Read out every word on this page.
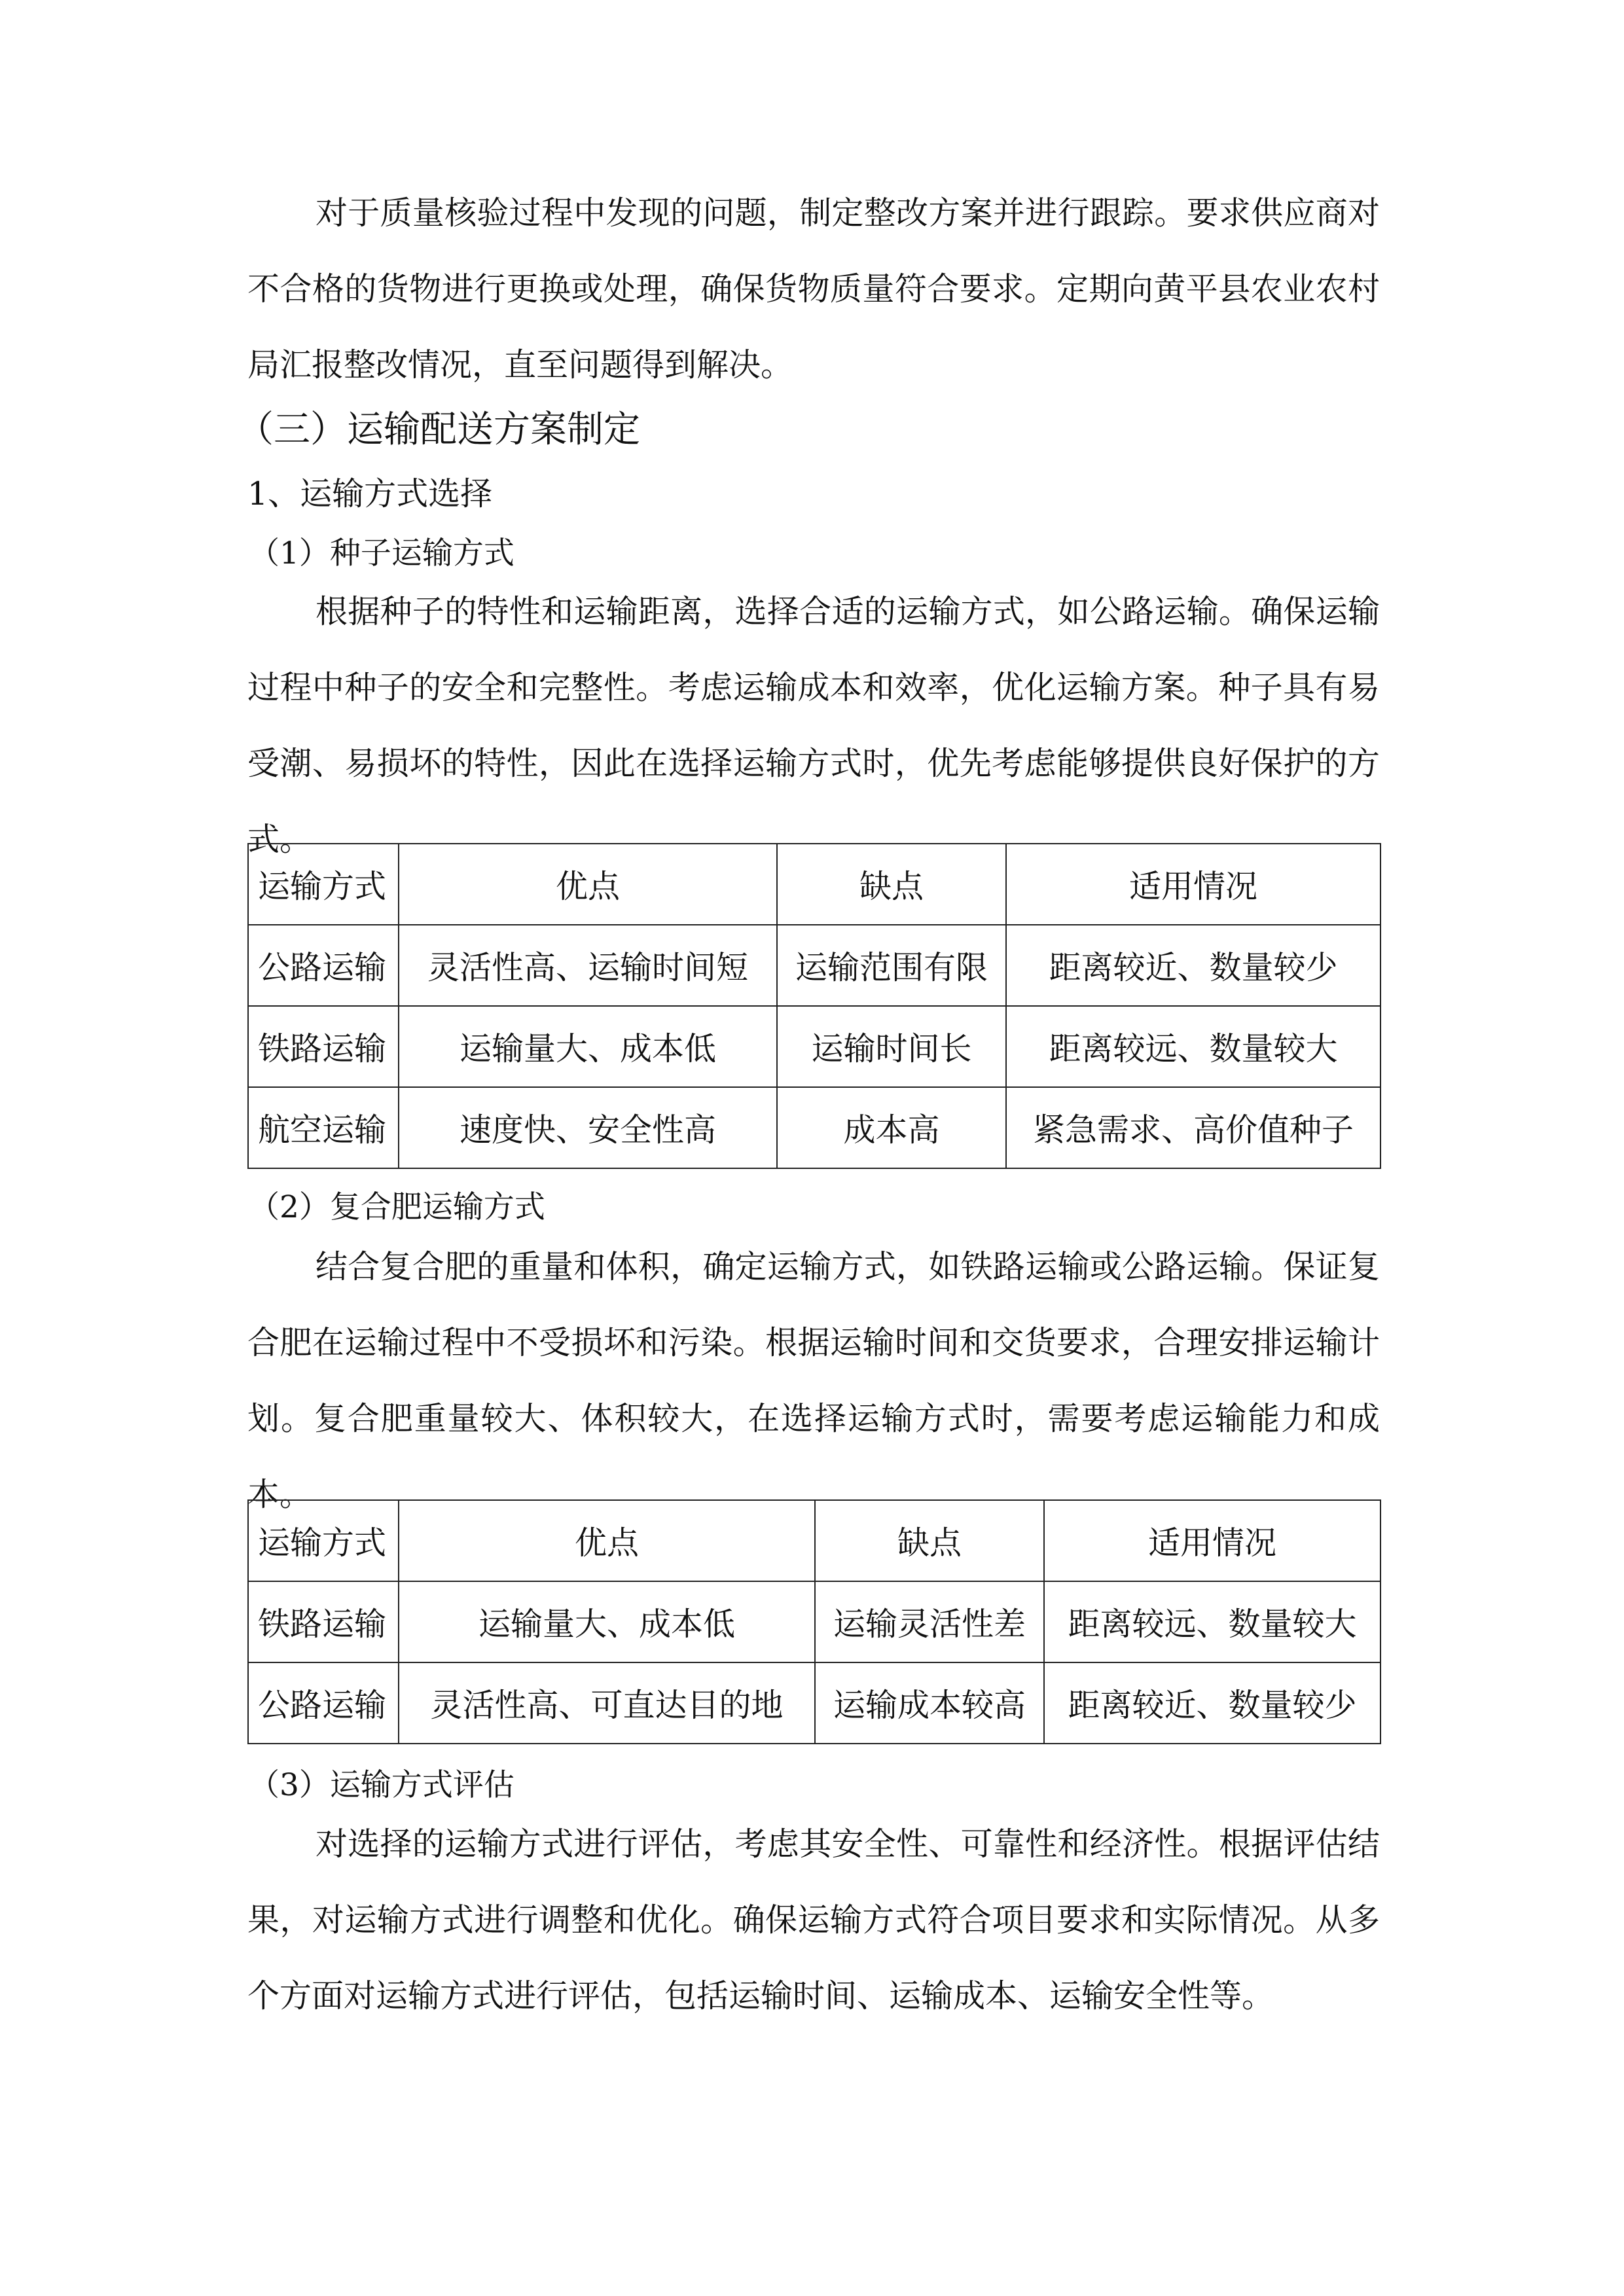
对于质量核验过程中发现的问题，制定整改方案并进行跟踪。要求供应商对不合格的货物进行更换或处理，确保货物质量符合要求。定期向黄平县农业农村局汇报整改情况，直至问题得到解决。

（三）运输配送方案制定
1、运输方式选择
（1）种子运输方式

根据种子的特性和运输距离，选择合适的运输方式，如公路运输。确保运输过程中种子的安全和完整性。考虑运输成本和效率，优化运输方案。种子具有易受潮、易损坏的特性，因此在选择运输方式时，优先考虑能够提供良好保护的方式。

运输方式	优点	缺点	适用情况
公路运输	灵活性高、运输时间短	运输范围有限	距离较近、数量较少
铁路运输	运输量大、成本低	运输时间长	距离较远、数量较大
航空运输	速度快、安全性高	成本高	紧急需求、高价值种子
（2）复合肥运输方式

结合复合肥的重量和体积，确定运输方式，如铁路运输或公路运输。保证复合肥在运输过程中不受损坏和污染。根据运输时间和交货要求，合理安排运输计划。复合肥重量较大、体积较大，在选择运输方式时，需要考虑运输能力和成本。

运输方式	优点	缺点	适用情况
铁路运输	运输量大、成本低	运输灵活性差	距离较远、数量较大
公路运输	灵活性高、可直达目的地	运输成本较高	距离较近、数量较少
（3）运输方式评估

对选择的运输方式进行评估，考虑其安全性、可靠性和经济性。根据评估结果，对运输方式进行调整和优化。确保运输方式符合项目要求和实际情况。从多个方面对运输方式进行评估，包括运输时间、运输成本、运输安全性等。
